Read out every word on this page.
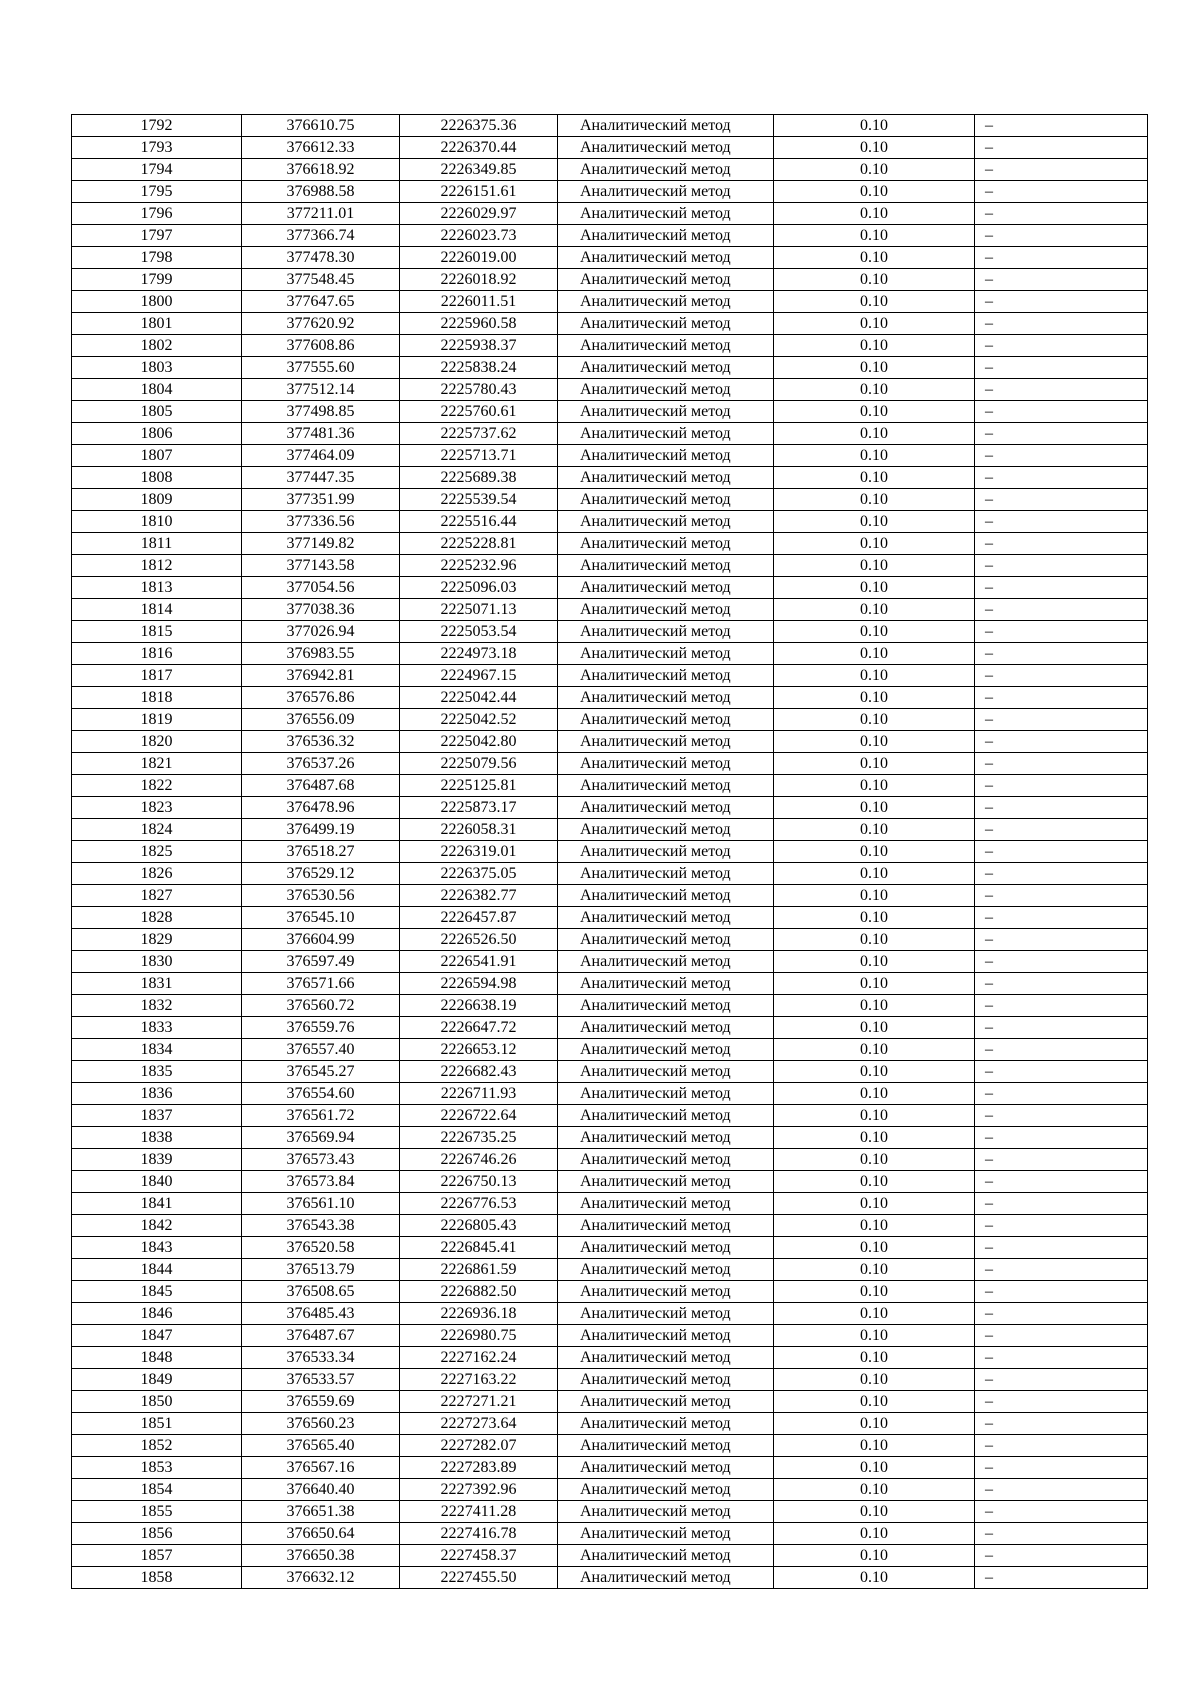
1792	376610.75	2226375.36	Аналитический метод	0.10	–
1793	376612.33	2226370.44	Аналитический метод	0.10	–
1794	376618.92	2226349.85	Аналитический метод	0.10	–
1795	376988.58	2226151.61	Аналитический метод	0.10	–
1796	377211.01	2226029.97	Аналитический метод	0.10	–
1797	377366.74	2226023.73	Аналитический метод	0.10	–
1798	377478.30	2226019.00	Аналитический метод	0.10	–
1799	377548.45	2226018.92	Аналитический метод	0.10	–
1800	377647.65	2226011.51	Аналитический метод	0.10	–
1801	377620.92	2225960.58	Аналитический метод	0.10	–
1802	377608.86	2225938.37	Аналитический метод	0.10	–
1803	377555.60	2225838.24	Аналитический метод	0.10	–
1804	377512.14	2225780.43	Аналитический метод	0.10	–
1805	377498.85	2225760.61	Аналитический метод	0.10	–
1806	377481.36	2225737.62	Аналитический метод	0.10	–
1807	377464.09	2225713.71	Аналитический метод	0.10	–
1808	377447.35	2225689.38	Аналитический метод	0.10	–
1809	377351.99	2225539.54	Аналитический метод	0.10	–
1810	377336.56	2225516.44	Аналитический метод	0.10	–
1811	377149.82	2225228.81	Аналитический метод	0.10	–
1812	377143.58	2225232.96	Аналитический метод	0.10	–
1813	377054.56	2225096.03	Аналитический метод	0.10	–
1814	377038.36	2225071.13	Аналитический метод	0.10	–
1815	377026.94	2225053.54	Аналитический метод	0.10	–
1816	376983.55	2224973.18	Аналитический метод	0.10	–
1817	376942.81	2224967.15	Аналитический метод	0.10	–
1818	376576.86	2225042.44	Аналитический метод	0.10	–
1819	376556.09	2225042.52	Аналитический метод	0.10	–
1820	376536.32	2225042.80	Аналитический метод	0.10	–
1821	376537.26	2225079.56	Аналитический метод	0.10	–
1822	376487.68	2225125.81	Аналитический метод	0.10	–
1823	376478.96	2225873.17	Аналитический метод	0.10	–
1824	376499.19	2226058.31	Аналитический метод	0.10	–
1825	376518.27	2226319.01	Аналитический метод	0.10	–
1826	376529.12	2226375.05	Аналитический метод	0.10	–
1827	376530.56	2226382.77	Аналитический метод	0.10	–
1828	376545.10	2226457.87	Аналитический метод	0.10	–
1829	376604.99	2226526.50	Аналитический метод	0.10	–
1830	376597.49	2226541.91	Аналитический метод	0.10	–
1831	376571.66	2226594.98	Аналитический метод	0.10	–
1832	376560.72	2226638.19	Аналитический метод	0.10	–
1833	376559.76	2226647.72	Аналитический метод	0.10	–
1834	376557.40	2226653.12	Аналитический метод	0.10	–
1835	376545.27	2226682.43	Аналитический метод	0.10	–
1836	376554.60	2226711.93	Аналитический метод	0.10	–
1837	376561.72	2226722.64	Аналитический метод	0.10	–
1838	376569.94	2226735.25	Аналитический метод	0.10	–
1839	376573.43	2226746.26	Аналитический метод	0.10	–
1840	376573.84	2226750.13	Аналитический метод	0.10	–
1841	376561.10	2226776.53	Аналитический метод	0.10	–
1842	376543.38	2226805.43	Аналитический метод	0.10	–
1843	376520.58	2226845.41	Аналитический метод	0.10	–
1844	376513.79	2226861.59	Аналитический метод	0.10	–
1845	376508.65	2226882.50	Аналитический метод	0.10	–
1846	376485.43	2226936.18	Аналитический метод	0.10	–
1847	376487.67	2226980.75	Аналитический метод	0.10	–
1848	376533.34	2227162.24	Аналитический метод	0.10	–
1849	376533.57	2227163.22	Аналитический метод	0.10	–
1850	376559.69	2227271.21	Аналитический метод	0.10	–
1851	376560.23	2227273.64	Аналитический метод	0.10	–
1852	376565.40	2227282.07	Аналитический метод	0.10	–
1853	376567.16	2227283.89	Аналитический метод	0.10	–
1854	376640.40	2227392.96	Аналитический метод	0.10	–
1855	376651.38	2227411.28	Аналитический метод	0.10	–
1856	376650.64	2227416.78	Аналитический метод	0.10	–
1857	376650.38	2227458.37	Аналитический метод	0.10	–
1858	376632.12	2227455.50	Аналитический метод	0.10	–
